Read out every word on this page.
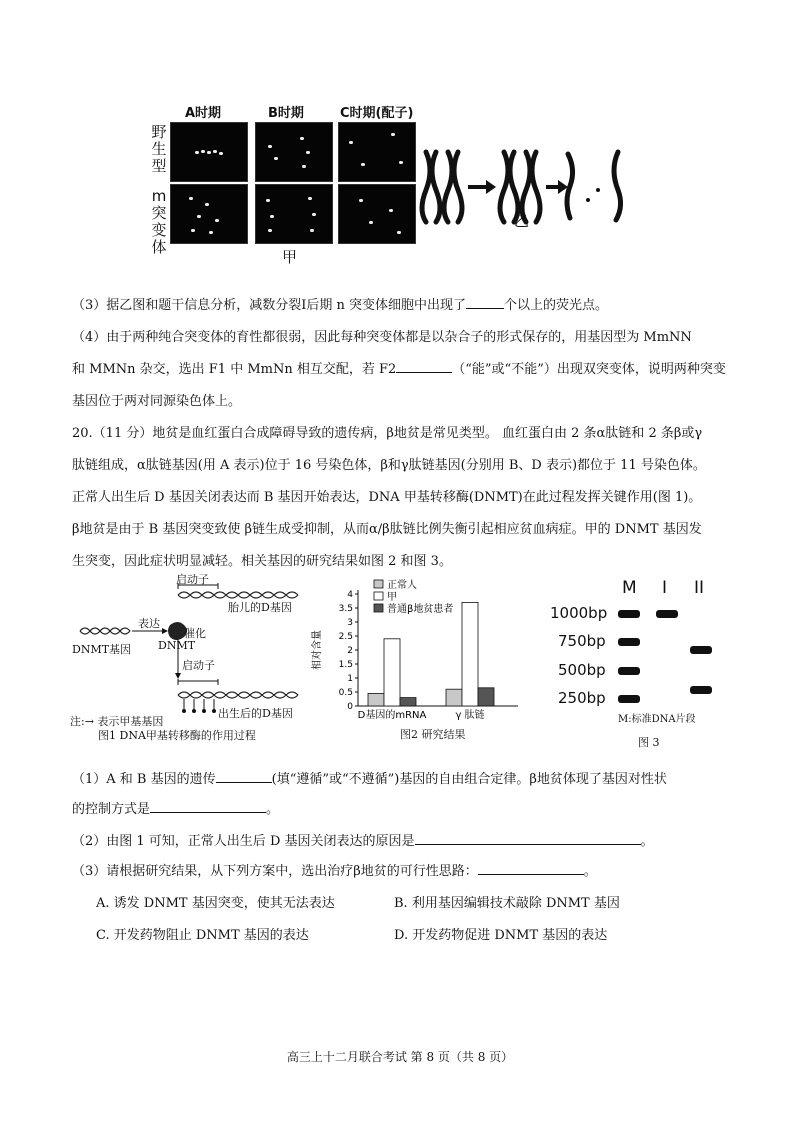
A时期	B时期	C时期(配子)
野生型
m突变体
甲
乙
（3）据乙图和题干信息分析，减数分裂Ⅰ后期 n 突变体细胞中出现了	个以上的荧光点。
（4）由于两种纯合突变体的育性都很弱，因此每种突变体都是以杂合子的形式保存的，用基因型为 MmNN
和 MMNn 杂交，选出 F1 中 MmNn 相互交配，若 F2	（“能”或“不能”）出现双突变体，说明两种突变
基因位于两对同源染色体上。
20.（11 分）地贫是血红蛋白合成障碍导致的遗传病，β地贫是常见类型。 血红蛋白由 2 条α肽链和 2 条β或γ
肽链组成，α肽链基因(用 A 表示)位于 16 号染色体，β和γ肽链基因(分别用 B、D 表示)都位于 11 号染色体。
正常人出生后 D 基因关闭表达而 B 基因开始表达，DNA 甲基转移酶(DNMT)在此过程发挥关键作用(图 1)。
β地贫是由于 B 基因突变致使 β链生成受抑制，从而α/β肽链比例失衡引起相应贫血病症。甲的 DNMT 基因发
生突变，因此症状明显减轻。相关基因的研究结果如图 2 和图 3。
启动子
胎儿的D基因
表达
DNMT
DNMT基因
催化
启动子
出生后的D基因
注:→ 表示甲基基因
图1 DNA甲基转移酶的作用过程
0
0.5
1
1.5
2
2.5
3
3.5
4
相对含量
D基因的mRNA	γ 肽链
正常人
甲
普通β地贫患者
图2 研究结果
M I II
1000bp
750bp
500bp
250bp
M:标准DNA片段
图 3
（1）A 和 B 基因的遗传	(填“遵循”或“不遵循”)基因的自由组合定律。β地贫体现了基因对性状
的控制方式是	。
（2）由图 1 可知，正常人出生后 D 基因关闭表达的原因是	。
（3）请根据研究结果，从下列方案中，选出治疗β地贫的可行性思路：	。
A. 诱发 DNMT 基因突变，使其无法表达	B. 利用基因编辑技术敲除 DNMT 基因
C. 开发药物阻止 DNMT 基因的表达	D. 开发药物促进 DNMT 基因的表达
高三上十二月联合考试 第 8 页（共 8 页）
